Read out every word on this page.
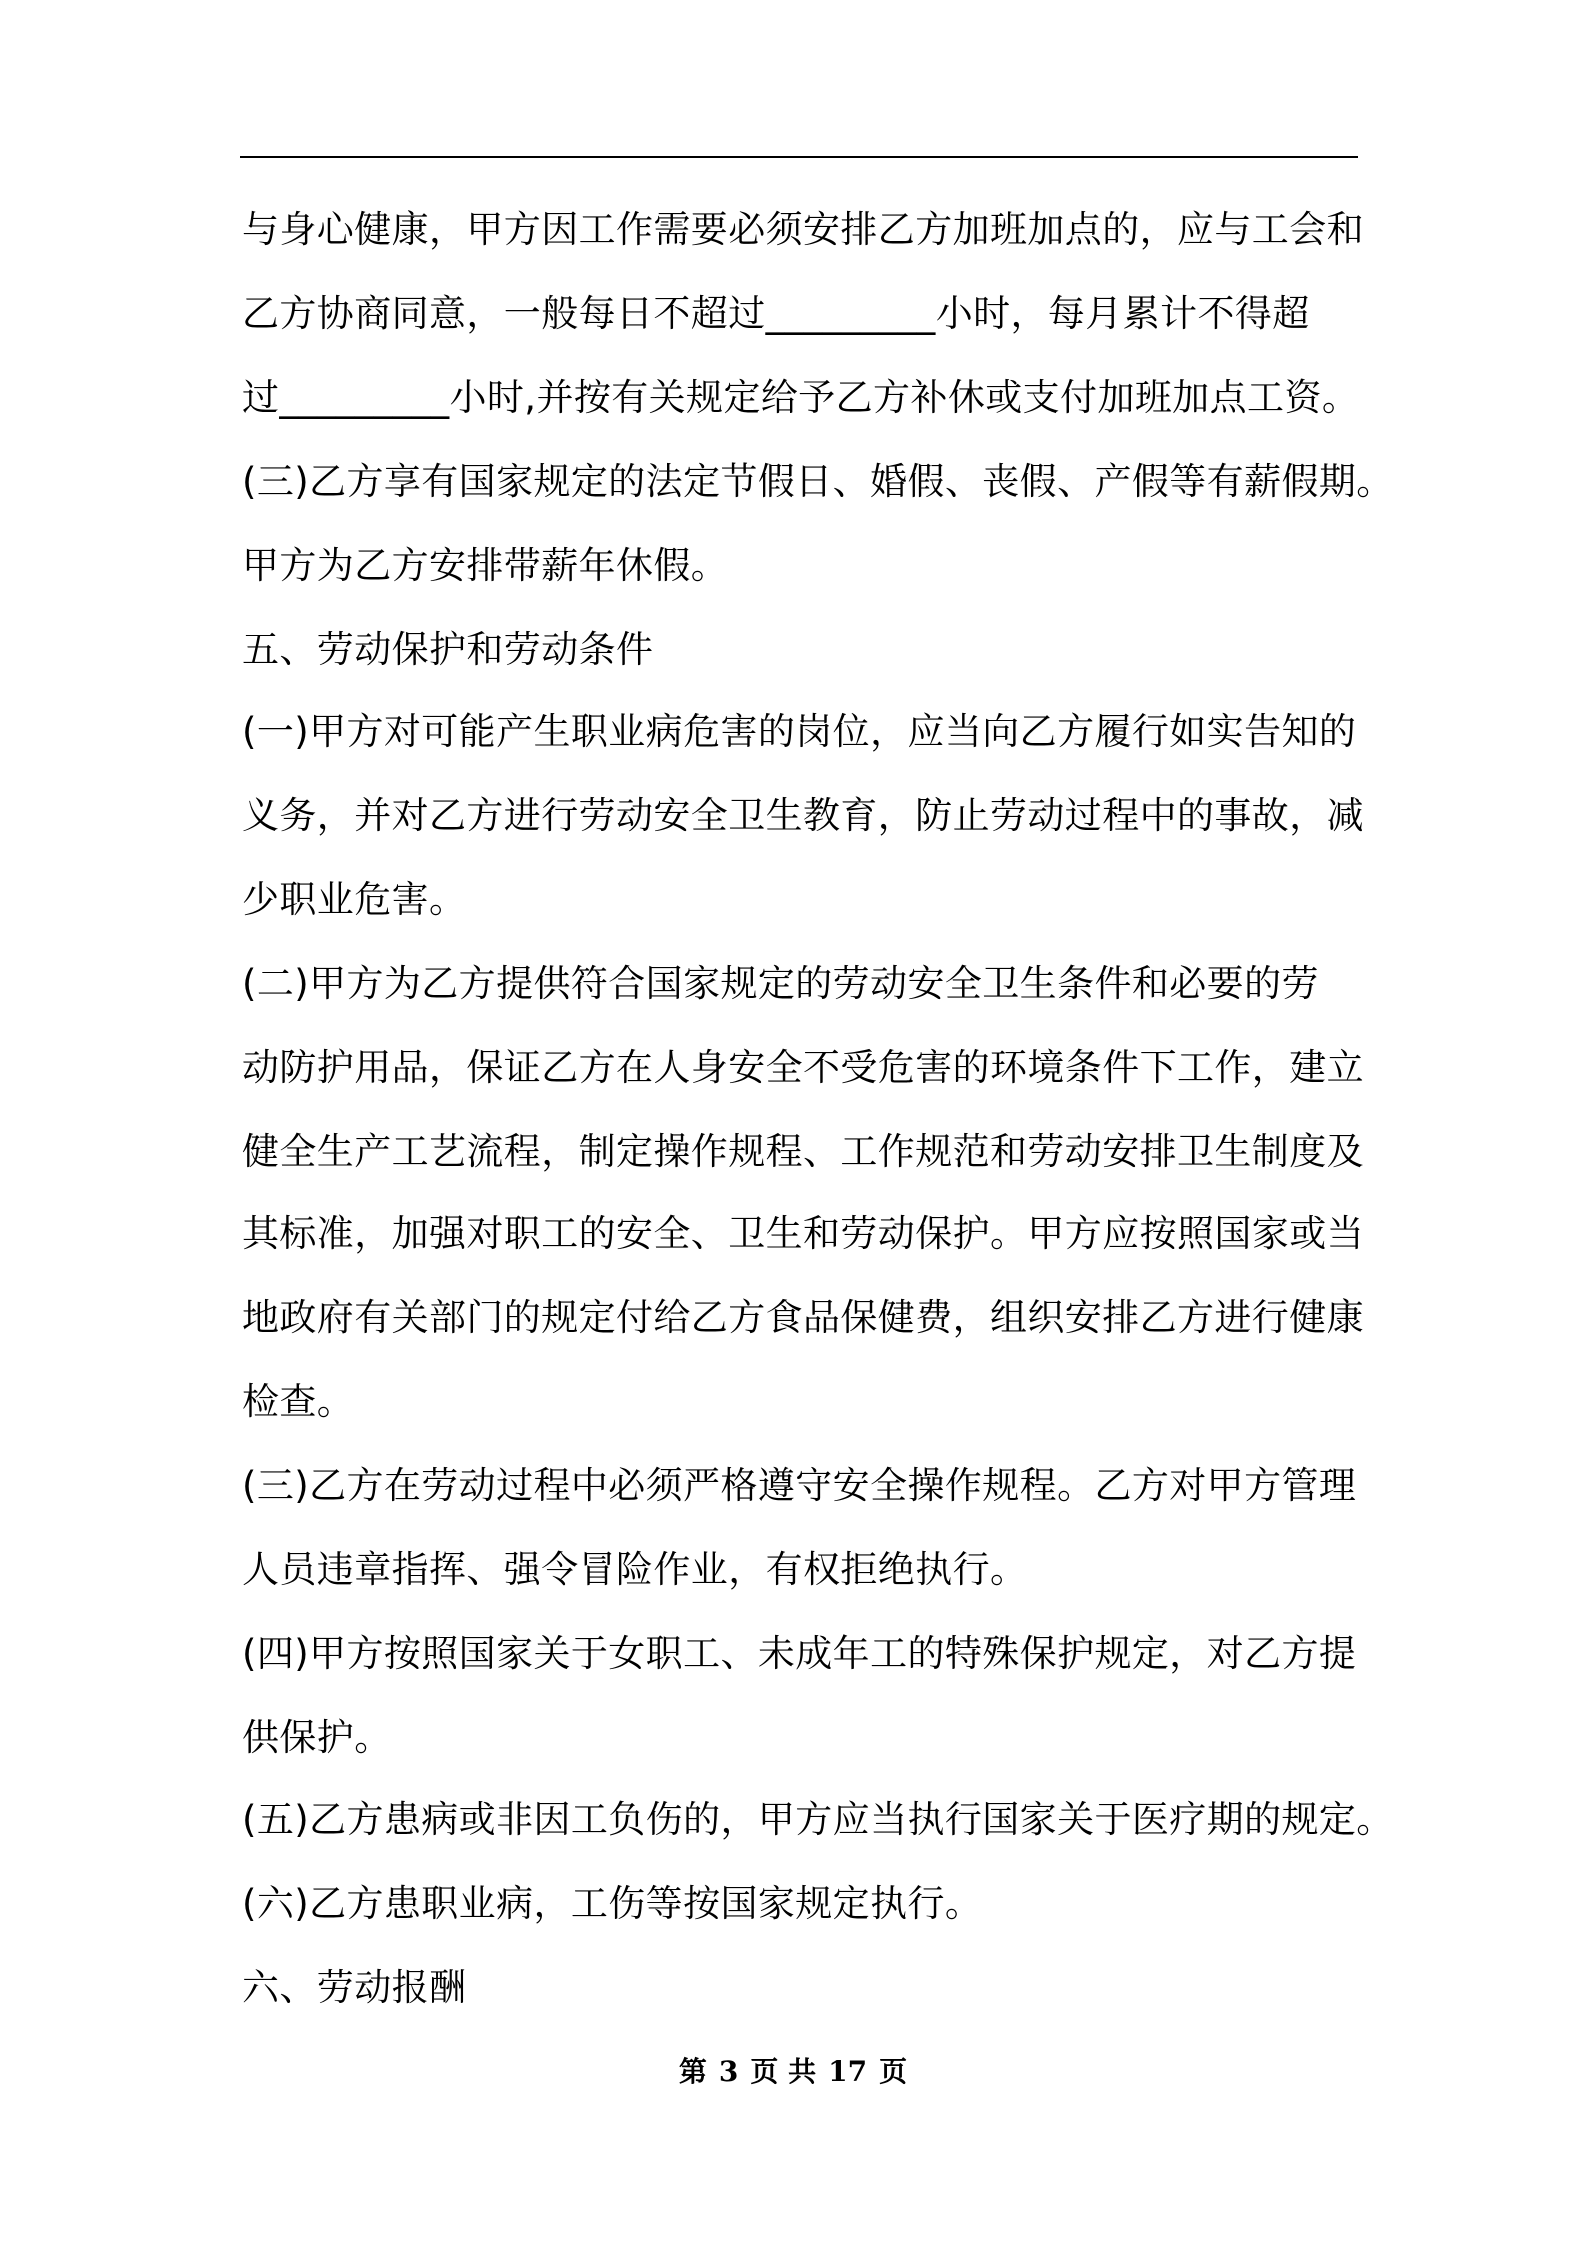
与身心健康，甲方因工作需要必须安排乙方加班加点的，应与工会和
乙方协商同意，一般每日不超过_________小时，每月累计不得超
过_________小时,并按有关规定给予乙方补休或支付加班加点工资。
(三)乙方享有国家规定的法定节假日、婚假、丧假、产假等有薪假期。
甲方为乙方安排带薪年休假。
五、劳动保护和劳动条件
(一)甲方对可能产生职业病危害的岗位，应当向乙方履行如实告知的
义务，并对乙方进行劳动安全卫生教育，防止劳动过程中的事故，减
少职业危害。
(二)甲方为乙方提供符合国家规定的劳动安全卫生条件和必要的劳
动防护用品，保证乙方在人身安全不受危害的环境条件下工作，建立
健全生产工艺流程，制定操作规程、工作规范和劳动安排卫生制度及
其标准，加强对职工的安全、卫生和劳动保护。甲方应按照国家或当
地政府有关部门的规定付给乙方食品保健费，组织安排乙方进行健康
检查。
(三)乙方在劳动过程中必须严格遵守安全操作规程。乙方对甲方管理
人员违章指挥、强令冒险作业，有权拒绝执行。
(四)甲方按照国家关于女职工、未成年工的特殊保护规定，对乙方提
供保护。
(五)乙方患病或非因工负伤的，甲方应当执行国家关于医疗期的规定。
(六)乙方患职业病，工伤等按国家规定执行。
六、劳动报酬
第 3 页 共 17 页
